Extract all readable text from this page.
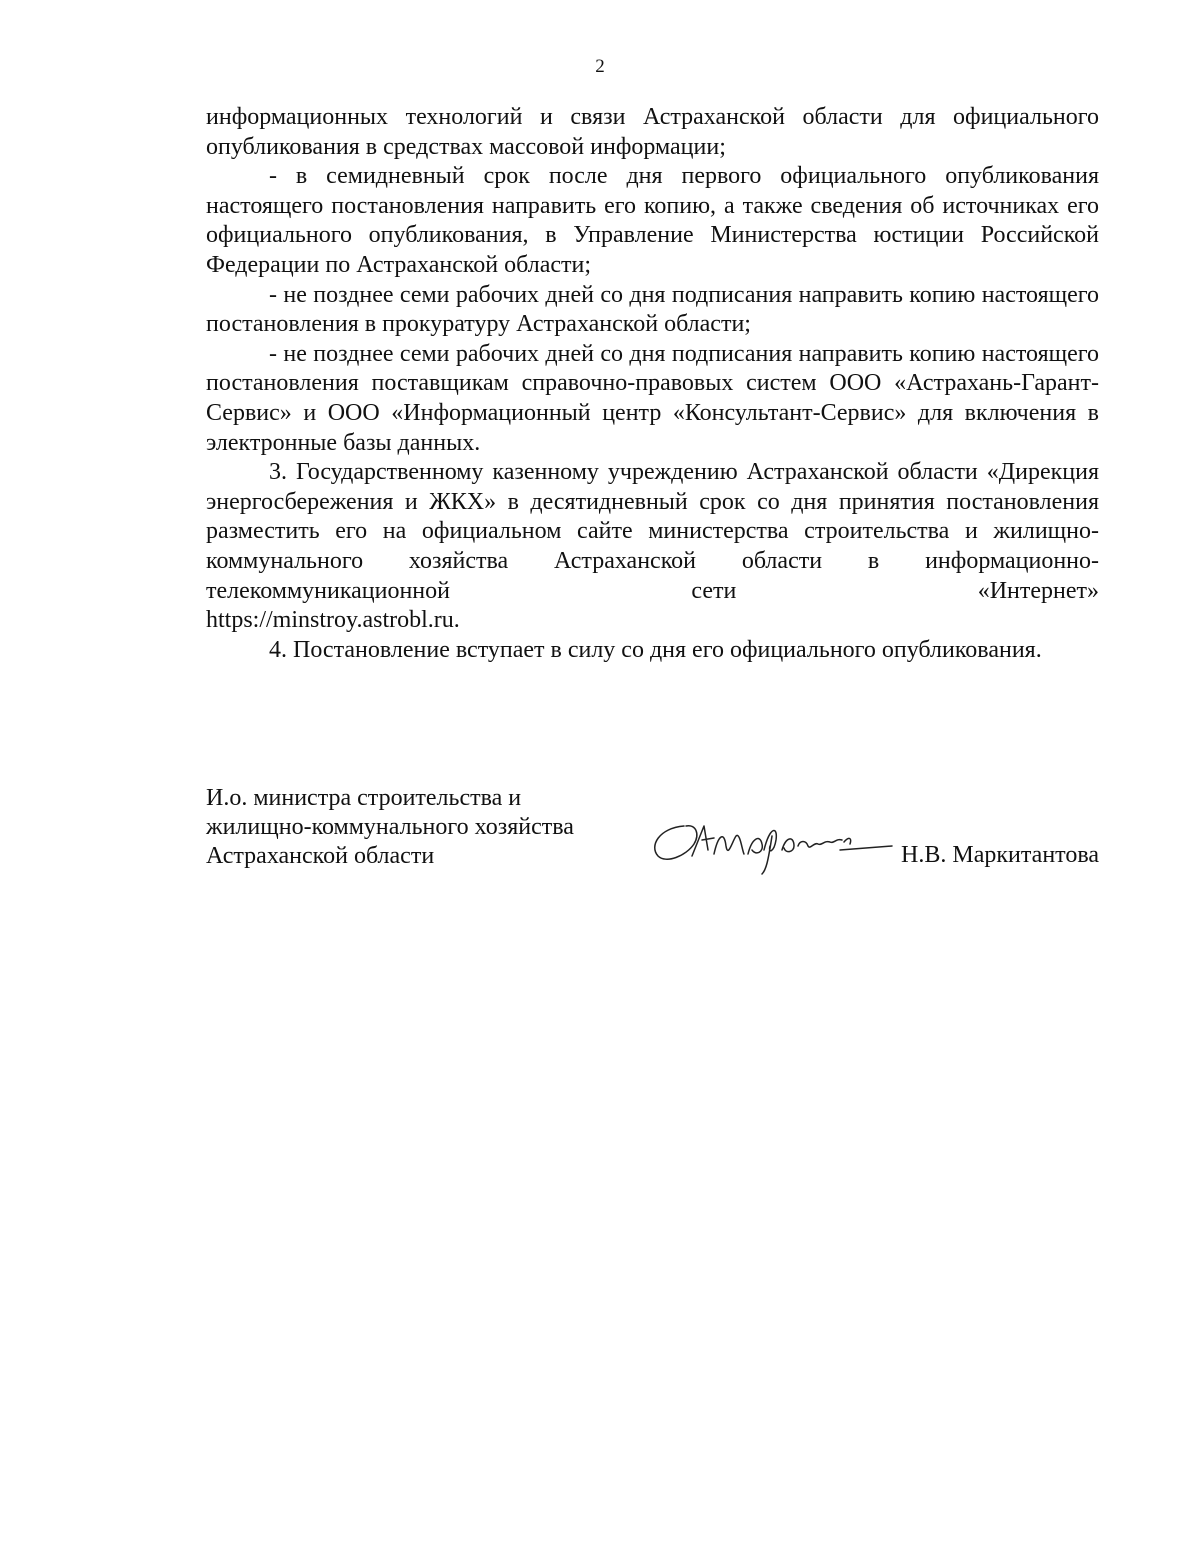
2

информационных технологий и связи Астраханской области для официального опубликования в средствах массовой информации;

- в семидневный срок после дня первого официального опубликования настоящего постановления направить его копию, а также сведения об источниках его официального опубликования, в Управление Министерства юстиции Российской Федерации по Астраханской области;

- не позднее семи рабочих дней со дня подписания направить копию настоящего постановления в прокуратуру Астраханской области;

- не позднее семи рабочих дней со дня подписания направить копию настоящего постановления поставщикам справочно-правовых систем ООО «Астрахань-Гарант-Сервис» и ООО «Информационный центр «Консультант-Сервис» для включения в электронные базы данных.

3. Государственному казенному учреждению Астраханской области «Дирекция энергосбережения и ЖКХ» в десятидневный срок со дня принятия постановления разместить его на официальном сайте министерства строительства и жилищно-коммунального хозяйства Астраханской области в информационно-телекоммуникационной сети «Интернет»

https://minstroy.astrobl.ru.

4. Постановление вступает в силу со дня его официального опубликования.

И.о. министра строительства и
жилищно-коммунального хозяйства
Астраханской области	Н.В. Маркитантова
